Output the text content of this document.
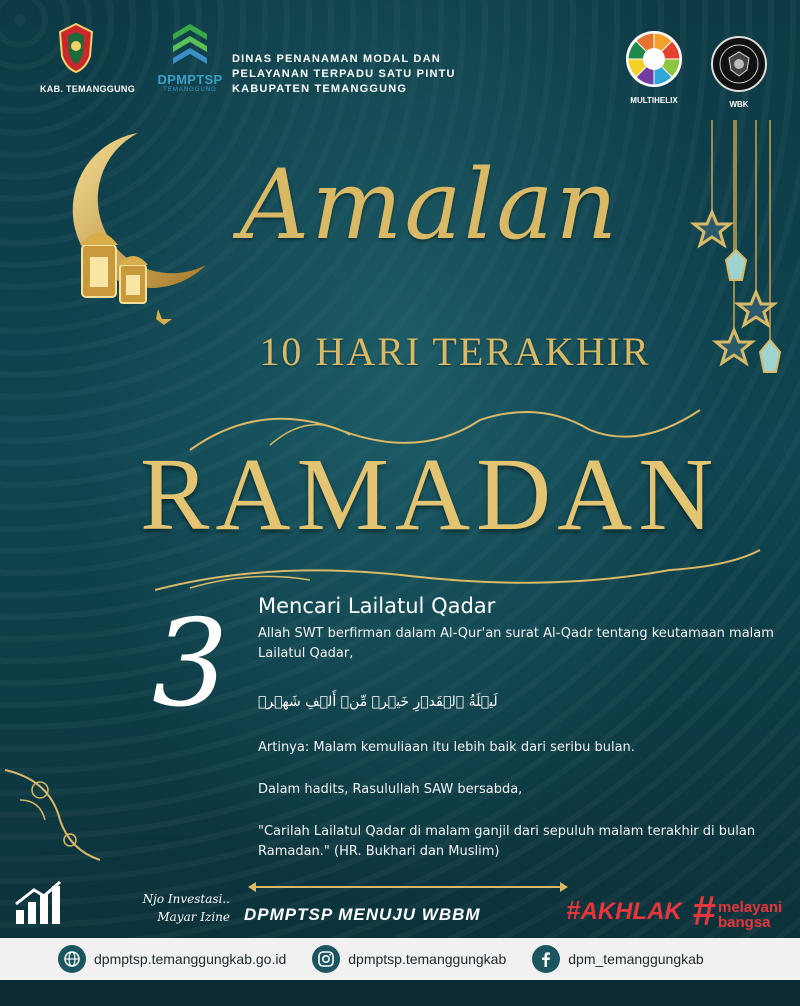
KAB. TEMANGGUNG
DPMPTSP
TEMANGGUNG
DINAS PENANAMAN MODAL DAN
PELAYANAN TERPADU SATU PINTU
KABUPATEN TEMANGGUNG
MULTIHELIX	WBK
Amalan
10 HARI TERAKHIR
RAMADAN
3 Mencari Lailatul Qadar

Allah SWT berfirman dalam Al-Qur'an surat Al-Qadr tentang keutamaan malam Lailatul Qadar,

لَيۡلَةُ ٱلۡقَدۡرِ خَيۡرٞ مِّنۡ أَلۡفِ شَهۡرٖ
Artinya: Malam kemuliaan itu lebih baik dari seribu bulan.
Dalam hadits, Rasulullah SAW bersabda,
"Carilah Lailatul Qadar di malam ganjil dari sepuluh malam terakhir di bulan Ramadan." (HR. Bukhari dan Muslim)
Njo Investasi..
Mayar Izine DPMPTSP MENUJU WBBM	#AKHLAK # melayani
bangsa
dpmptsp.temanggungkab.go.id	dpmptsp.temanggungkab	dpm_temanggungkab
